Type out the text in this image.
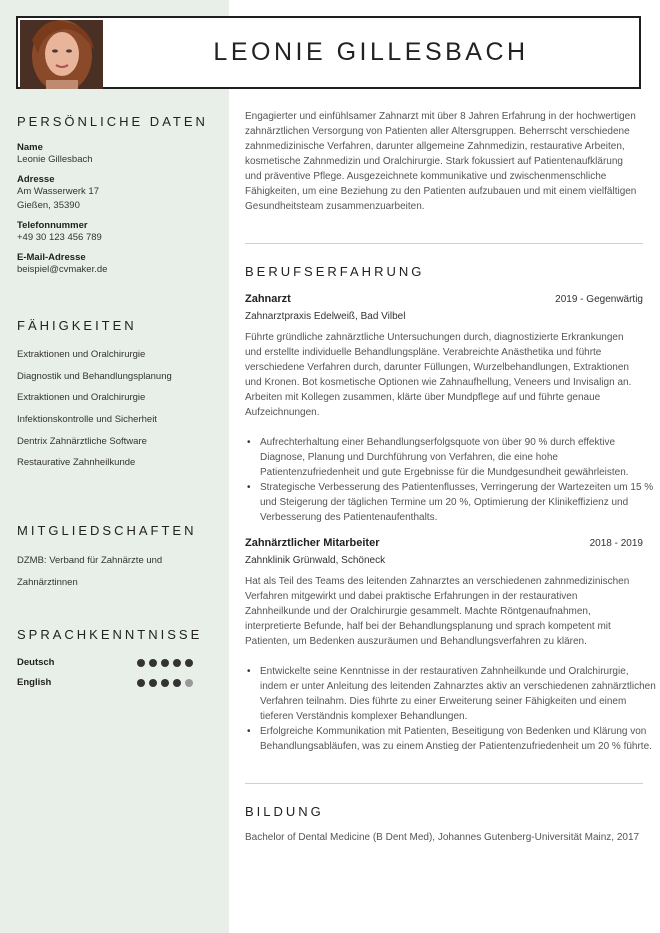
LEONIE GILLESBACH
PERSÖNLICHE DATEN
Name
Leonie Gillesbach
Adresse
Am Wasserwerk 17
Gießen, 35390
Telefonnummer
+49 30 123 456 789
E-Mail-Adresse
beispiel@cvmaker.de
FÄHIGKEITEN
Extraktionen und Oralchirurgie
Diagnostik und Behandlungsplanung
Extraktionen und Oralchirurgie
Infektionskontrolle und Sicherheit
Dentrix Zahnärztliche Software
Restaurative Zahnheilkunde
MITGLIEDSCHAFTEN
DZMB: Verband für Zahnärzte und
Zahnärztinnen
SPRACHKENNTNISSE
Deutsch
English
Engagierter und einfühlsamer Zahnarzt mit über 8 Jahren Erfahrung in der hochwertigen zahnärztlichen Versorgung von Patienten aller Altersgruppen. Beherrscht verschiedene zahnmedizinische Verfahren, darunter allgemeine Zahnmedizin, restaurative Arbeiten, kosmetische Zahnmedizin und Oralchirurgie. Stark fokussiert auf Patientenaufklärung und präventive Pflege. Ausgezeichnete kommunikative und zwischenmenschliche Fähigkeiten, um eine Beziehung zu den Patienten aufzubauen und mit einem vielfältigen Gesundheitsteam zusammenzuarbeiten.
BERUFSERFAHRUNG
Zahnarzt	2019 - Gegenwärtig
Zahnarztpraxis Edelweiß, Bad Vilbel
Führte gründliche zahnärztliche Untersuchungen durch, diagnostizierte Erkrankungen und erstellte individuelle Behandlungspläne. Verabreichte Anästhetika und führte verschiedene Verfahren durch, darunter Füllungen, Wurzelbehandlungen, Extraktionen und Kronen. Bot kosmetische Optionen wie Zahnaufhellung, Veneers und Invisalign an. Arbeiten mit Kollegen zusammen, klärte über Mundpflege auf und führte genaue Aufzeichnungen.
• Aufrechterhaltung einer Behandlungserfolgsquote von über 90 % durch effektive Diagnose, Planung und Durchführung von Verfahren, die eine hohe Patientenzufriedenheit und gute Ergebnisse für die Mundgesundheit gewährleisten.
• Strategische Verbesserung des Patientenflusses, Verringerung der Wartezeiten um 15 % und Steigerung der täglichen Termine um 20 %, Optimierung der Klinikeffizienz und Verbesserung des Patientenaufenthalts.
Zahnärztlicher Mitarbeiter	2018 - 2019
Zahnklinik Grünwald, Schöneck
Hat als Teil des Teams des leitenden Zahnarztes an verschiedenen zahnmedizinischen Verfahren mitgewirkt und dabei praktische Erfahrungen in der restaurativen Zahnheilkunde und der Oralchirurgie gesammelt. Machte Röntgenaufnahmen, interpretierte Befunde, half bei der Behandlungsplanung und sprach kompetent mit Patienten, um Bedenken auszuräumen und Behandlungsverfahren zu klären.
• Entwickelte seine Kenntnisse in der restaurativen Zahnheilkunde und Oralchirurgie, indem er unter Anleitung des leitenden Zahnarztes aktiv an verschiedenen zahnärztlichen Verfahren teilnahm. Dies führte zu einer Erweiterung seiner Fähigkeiten und einem tieferen Verständnis komplexer Behandlungen.
• Erfolgreiche Kommunikation mit Patienten, Beseitigung von Bedenken und Klärung von Behandlungsabläufen, was zu einem Anstieg der Patientenzufriedenheit um 20 % führte.
BILDUNG
Bachelor of Dental Medicine (B Dent Med), Johannes Gutenberg-Universität Mainz, 2017
